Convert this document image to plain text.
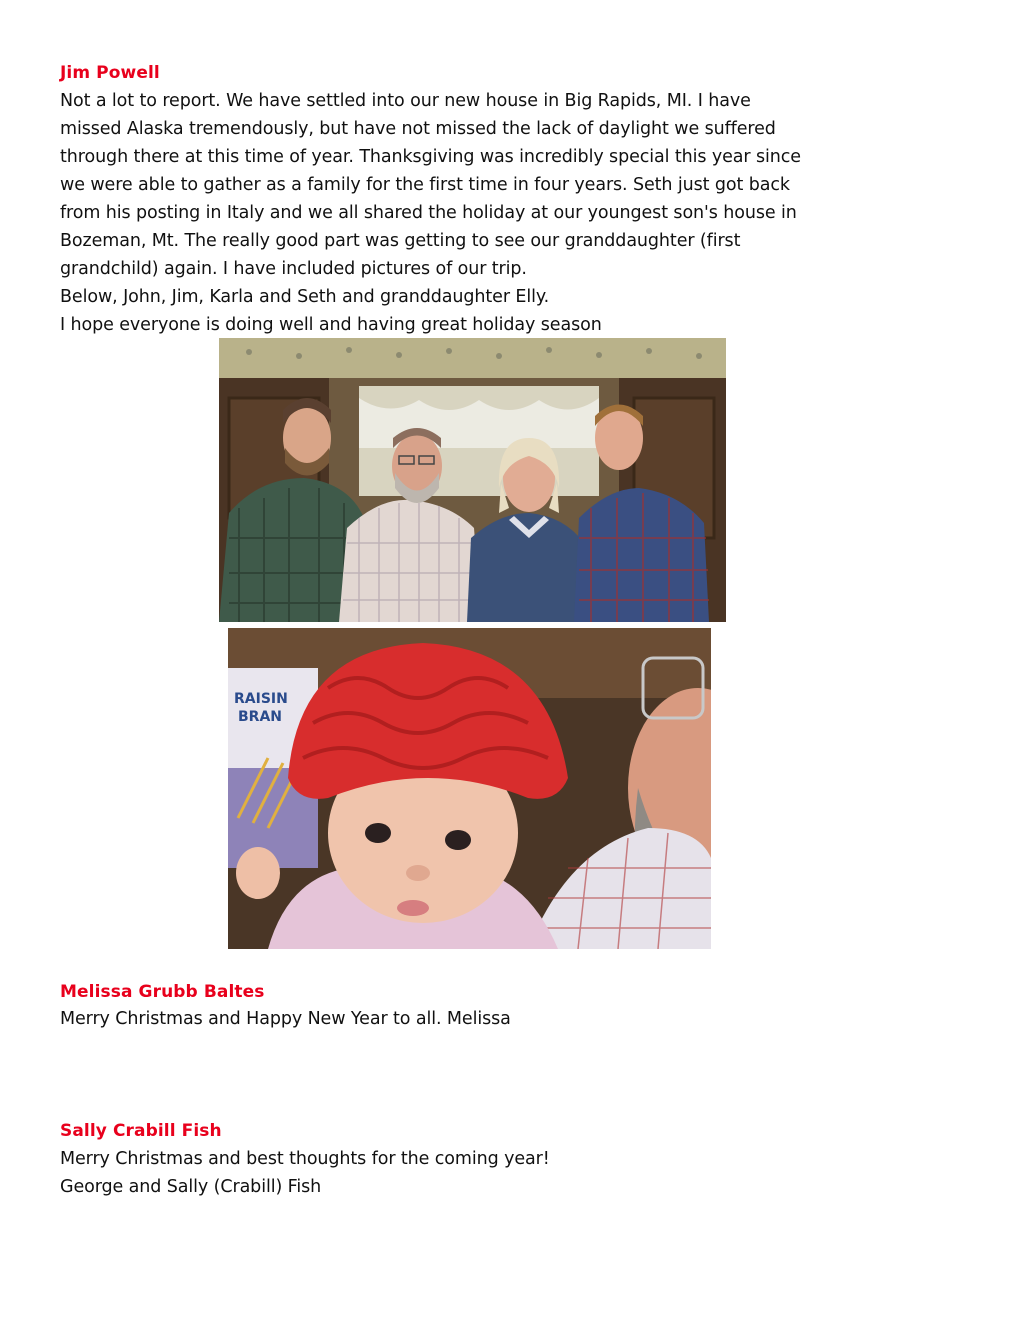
Jim Powell
Not a lot to report. We have settled into our new house in Big Rapids, MI. I have
missed Alaska tremendously, but have not missed the lack of daylight we suffered
through there at this time of year. Thanksgiving was incredibly special this year since
we were able to gather as a family for the first time in four years. Seth just got back
from his posting in Italy and we all shared the holiday at our youngest son's house in
Bozeman, Mt. The really good part was getting to see our granddaughter (first
grandchild) again. I have included pictures of our trip.
Below, John, Jim, Karla and Seth and granddaughter Elly.
I hope everyone is doing well and having great holiday season
RAISIN
BRAN
Melissa Grubb Baltes
Merry Christmas and Happy New Year to all. Melissa
Sally Crabill Fish
Merry Christmas and best thoughts for the coming year!
George and Sally (Crabill) Fish
